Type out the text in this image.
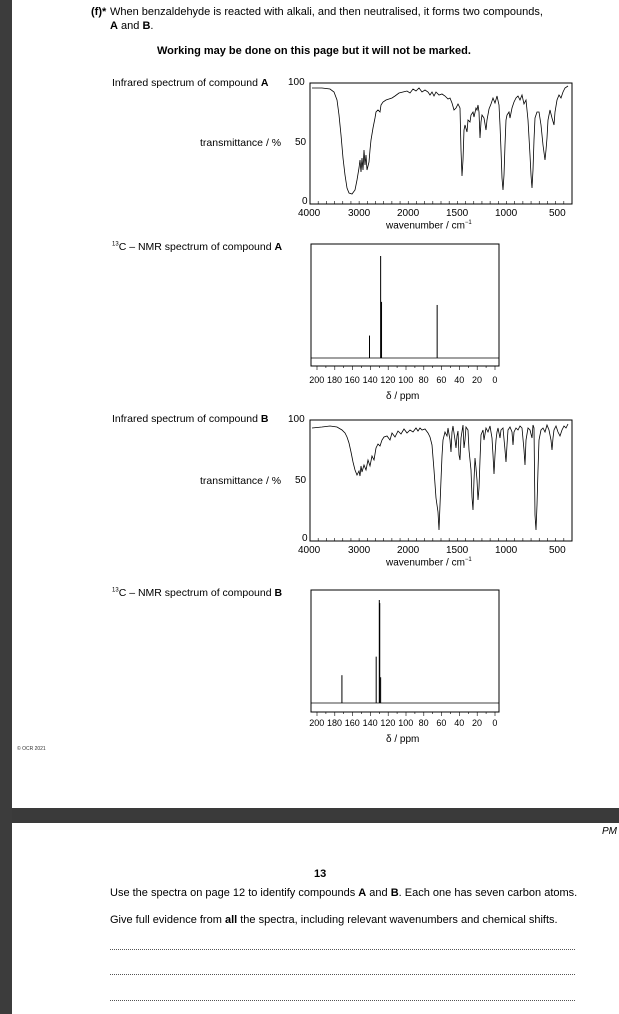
(f)* When benzaldehyde is reacted with alkali, and then neutralised, it forms two compounds,
A and B.
Working may be done on this page but it will not be marked.
Infrared spectrum of compound A
transmittance / %
100
50
0
4000	3000	2000	1500	1000	500
wavenumber / $cm^{-1}$
$^{13}$C – NMR spectrum of compound A
200 180 160 140 120 100 80 60 40 20 0
δ / ppm
Infrared spectrum of compound B
transmittance / %
100
50
0
4000	3000	2000	1500	1000	500
wavenumber / $cm^{-1}$
$^{13}$C – NMR spectrum of compound B
200 180 160 140 120 100 80 60 40 20 0
δ / ppm
© OCR 2021
PM
13
Use the spectra on page 12 to identify compounds A and B. Each one has seven carbon atoms.
Give full evidence from all the spectra, including relevant wavenumbers and chemical shifts.
